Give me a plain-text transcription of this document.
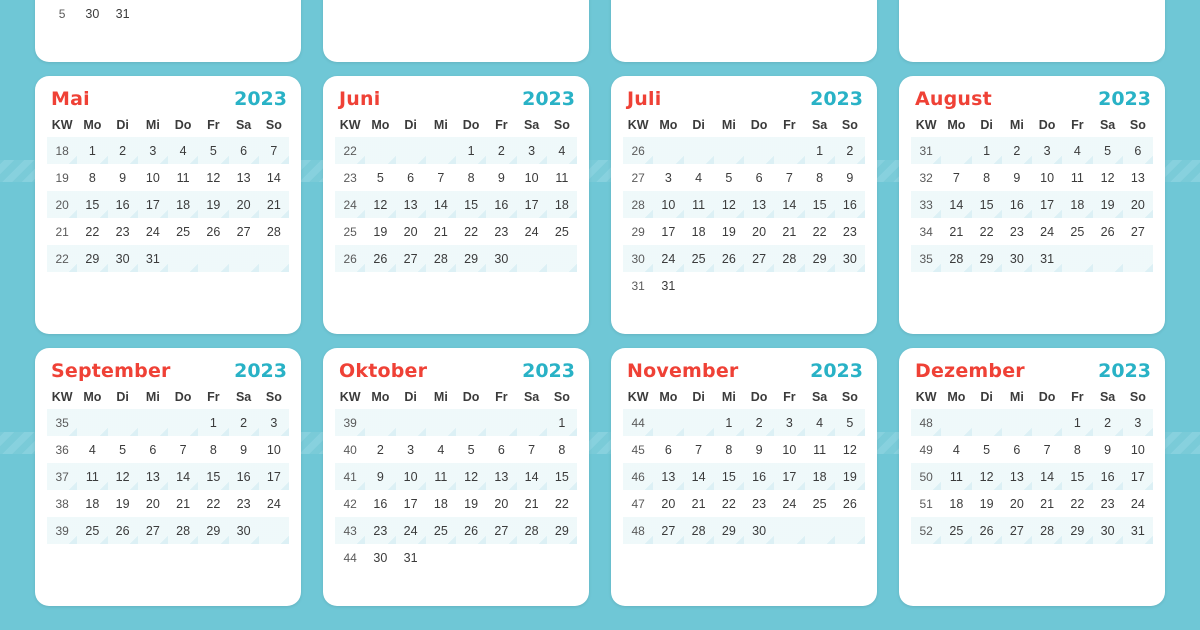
5	30	31					

Mai	2023
KW	Mo	Di	Mi	Do	Fr	Sa	So
18	1	2	3	4	5	6	7
19	8	9	10	11	12	13	14
20	15	16	17	18	19	20	21
21	22	23	24	25	26	27	28
22	29	30	31				
Juni	2023
KW	Mo	Di	Mi	Do	Fr	Sa	So
22				1	2	3	4
23	5	6	7	8	9	10	11
24	12	13	14	15	16	17	18
25	19	20	21	22	23	24	25
26	26	27	28	29	30		
Juli	2023
KW	Mo	Di	Mi	Do	Fr	Sa	So
26						1	2
27	3	4	5	6	7	8	9
28	10	11	12	13	14	15	16
29	17	18	19	20	21	22	23
30	24	25	26	27	28	29	30
31	31						
August	2023
KW	Mo	Di	Mi	Do	Fr	Sa	So
31		1	2	3	4	5	6
32	7	8	9	10	11	12	13
33	14	15	16	17	18	19	20
34	21	22	23	24	25	26	27
35	28	29	30	31			
September	2023
KW	Mo	Di	Mi	Do	Fr	Sa	So
35					1	2	3
36	4	5	6	7	8	9	10
37	11	12	13	14	15	16	17
38	18	19	20	21	22	23	24
39	25	26	27	28	29	30	
Oktober	2023
KW	Mo	Di	Mi	Do	Fr	Sa	So
39							1
40	2	3	4	5	6	7	8
41	9	10	11	12	13	14	15
42	16	17	18	19	20	21	22
43	23	24	25	26	27	28	29
44	30	31					
November	2023
KW	Mo	Di	Mi	Do	Fr	Sa	So
44			1	2	3	4	5
45	6	7	8	9	10	11	12
46	13	14	15	16	17	18	19
47	20	21	22	23	24	25	26
48	27	28	29	30			
Dezember	2023
KW	Mo	Di	Mi	Do	Fr	Sa	So
48					1	2	3
49	4	5	6	7	8	9	10
50	11	12	13	14	15	16	17
51	18	19	20	21	22	23	24
52	25	26	27	28	29	30	31
